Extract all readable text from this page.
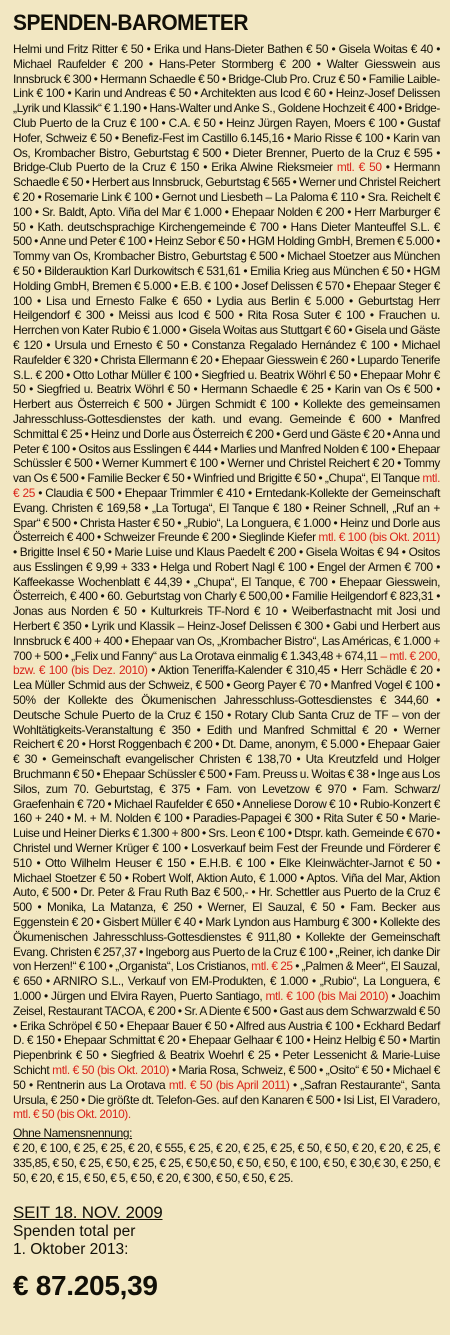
SPENDEN-BAROMETER

Helmi und Fritz Ritter € 50 • Erika und Hans-Dieter Bathen € 50 • Gisela Woitas € 40 • Michael Raufelder € 200 • Hans-Peter Stormberg € 200 • Walter Giesswein aus Innsbruck € 300 • Hermann Schaedle € 50 • Bridge-Club Pro. Cruz € 50 • Familie Laible-Link € 100 • Karin und Andreas € 50 • Architekten aus Icod € 60 • Heinz-Josef Delissen „Lyrik und Klassik“ € 1.190 • Hans-Walter und Anke S., Goldene Hochzeit € 400 • Bridge-Club Puerto de la Cruz € 100 • C.A. € 50 • Heinz Jürgen Rayen, Moers € 100 • Gustaf Hofer, Schweiz € 50 • Benefiz-Fest im Castillo 6.145,16 • Mario Risse € 100 • Karin van Os, Krombacher Bistro, Geburtstag € 500 • Dieter Brenner, Puerto de la Cruz € 595 • Bridge-Club Puerto de la Cruz € 150 • Erika Alwine Rieksmeier mtl. € 50 • Hermann Schaedle € 50 • Herbert aus Innsbruck, Geburtstag € 565 • Werner und Christel Reichert € 20 • Rosemarie Link € 100 • Gernot und Liesbeth – La Paloma € 110 • Sra. Reichelt € 100 • Sr. Baldt, Apto. Viña del Mar € 1.000 • Ehepaar Nolden € 200 • Herr Marburger € 50 • Kath. deutschsprachige Kirchengemeinde € 700 • Hans Dieter Manteuffel S.L. € 500 • Anne und Peter € 100 • Heinz Sebor € 50 • HGM Holding GmbH, Bremen € 5.000 • Tommy van Os, Krombacher Bistro, Geburtstag € 500 • Michael Stoetzer aus München € 50 • Bilderauktion Karl Durkowitsch € 531,61 • Emilia Krieg aus München € 50 • HGM Holding GmbH, Bremen € 5.000 • E.B. € 100 • Josef Delissen € 570 • Ehepaar Steger € 100 • Lisa und Ernesto Falke € 650 • Lydia aus Berlin € 5.000 • Geburtstag Herr Heilgendorf € 300 • Meissi aus Icod € 500 • Rita Rosa Suter € 100 • Frauchen u. Herrchen von Kater Rubio € 1.000 • Gisela Woitas aus Stuttgart € 60 • Gisela und Gäste € 120 • Ursula und Ernesto € 50 • Constanza Regalado Hernández € 100 • Michael Raufelder € 320 • Christa Ellermann € 20 • Ehepaar Giesswein € 260 • Lupardo Tenerife S.L. € 200 • Otto Lothar Müller € 100 • Siegfried u. Beatrix Wöhrl € 50 • Ehepaar Mohr € 50 • Siegfried u. Beatrix Wöhrl € 50 • Hermann Schaedle € 25 • Karin van Os € 500 • Herbert aus Österreich € 500 • Jürgen Schmidt € 100 • Kollekte des gemeinsamen Jahresschluss-Gottesdienstes der kath. und evang. Gemeinde € 600 • Manfred Schmittal € 25 • Heinz und Dorle aus Österreich € 200 • Gerd und Gäste € 20 • Anna und Peter € 100 • Ositos aus Esslingen € 444 • Marlies und Manfred Nolden € 100 • Ehepaar Schüssler € 500 • Werner Kummert € 100 • Werner und Christel Reichert € 20 • Tommy van Os € 500 • Familie Becker € 50 • Winfried und Brigitte € 50 • „Chupa“, El Tanque mtl. € 25 • Claudia € 500 • Ehepaar Trimmler € 410 • Erntedank-Kollekte der Gemeinschaft Evang. Christen € 169,58 • „La Tortuga“, El Tanque € 180 • Reiner Schnell, „Ruf an + Spar“ € 500 • Christa Haster € 50 • „Rubio“, La Longuera, € 1.000 • Heinz und Dorle aus Österreich € 400 • Schweizer Freunde € 200 • Sieglinde Kiefer mtl. € 100 (bis Okt. 2011) • Brigitte Insel € 50 • Marie Luise und Klaus Paedelt € 200 • Gisela Woitas € 94 • Ositos aus Esslingen € 9,99 + 333 • Helga und Robert Nagl € 100 • Engel der Armen € 700 • Kaffeekasse Wochenblatt € 44,39 • „Chupa“, El Tanque, € 700 • Ehepaar Giesswein, Österreich, € 400 • 60. Geburtstag von Charly € 500,00 • Familie Heilgendorf € 823,31 • Jonas aus Norden € 50 • Kulturkreis TF-Nord € 10 • Weiberfastnacht mit Josi und Herbert € 350 • Lyrik und Klassik – Heinz-Josef Delissen € 300 • Gabi und Herbert aus Innsbruck € 400 + 400 • Ehepaar van Os, „Krombacher Bistro“, Las Américas, € 1.000 + 700 + 500 • „Felix und Fanny“ aus La Orotava einmalig € 1.343,48 + 674,11 – mtl. € 200, bzw. € 100 (bis Dez. 2010) • Aktion Teneriffa-Kalender € 310,45 • Herr Schädle € 20 • Lea Müller Schmid aus der Schweiz, € 500 • Georg Payer € 70 • Manfred Vogel € 100 • 50% der Kollekte des Ökumenischen Jahresschluss-Gottesdienstes € 344,60 • Deutsche Schule Puerto de la Cruz € 150 • Rotary Club Santa Cruz de TF – von der Wohltätigkeits-Veranstaltung € 350 • Edith und Manfred Schmittal € 20 • Werner Reichert € 20 • Horst Roggenbach € 200 • Dt. Dame, anonym, € 5.000 • Ehepaar Gaier € 30 • Gemeinschaft evangelischer Christen € 138,70 • Uta Kreutzfeld und Holger Bruchmann € 50 • Ehepaar Schüssler € 500 • Fam. Preuss u. Woitas € 38 • Inge aus Los Silos, zum 70. Geburtstag, € 375 • Fam. von Levetzow € 970 • Fam. Schwarz/ Graefenhain € 720 • Michael Raufelder € 650 • Anneliese Dorow € 10 • Rubio-Konzert € 160 + 240 • M. + M. Nolden € 100 • Paradies-Papagei € 300 • Rita Suter € 50 • Marie-Luise und Heiner Dierks € 1.300 + 800 • Srs. Leon € 100 • Dtspr. kath. Gemeinde € 670 • Christel und Werner Krüger € 100 • Losverkauf beim Fest der Freunde und Förderer € 510 • Otto Wilhelm Heuser € 150 • E.H.B. € 100 • Elke Kleinwächter-Jarnot € 50 • Michael Stoetzer € 50 • Robert Wolf, Aktion Auto, € 1.000 • Aptos. Viña del Mar, Aktion Auto, € 500 • Dr. Peter & Frau Ruth Baz € 500,- • Hr. Schettler aus Puerto de la Cruz € 500 • Monika, La Matanza, € 250 • Werner, El Sauzal, € 50 • Fam. Becker aus Eggenstein € 20 • Gisbert Müller € 40 • Mark Lyndon aus Hamburg € 300 • Kollekte des Ökumenischen Jahresschluss-Gottesdienstes € 911,80 • Kollekte der Gemeinschaft Evang. Christen € 257,37 • Ingeborg aus Puerto de la Cruz € 100 • „Reiner, ich danke Dir von Herzen!“ € 100 • „Organista“, Los Cristianos, mtl. € 25 • „Palmen & Meer“, El Sauzal, € 650 • ARNIRO S.L., Verkauf von EM-Produkten, € 1.000 • „Rubio“, La Longuera, € 1.000 • Jürgen und Elvira Rayen, Puerto Santiago, mtl. € 100 (bis Mai 2010) • Joachim Zeisel, Restaurant TACOA, € 200 • Sr. A Diente € 500 • Gast aus dem Schwarzwald € 50 • Erika Schröpel € 50 • Ehepaar Bauer € 50 • Alfred aus Austria € 100 • Eckhard Bedarf D. € 150 • Ehepaar Schmittat € 20 • Ehepaar Gelhaar € 100 • Heinz Helbig € 50 • Martin Piepenbrink € 50 • Siegfried & Beatrix Woehrl € 25 • Peter Lessenicht & Marie-Luise Schicht mtl. € 50 (bis Okt. 2010) • Maria Rosa, Schweiz, € 500 • „Osito“ € 50 • Michael € 50 • Rentnerin aus La Orotava mtl. € 50 (bis April 2011) • „Safran Restaurante“, Santa Ursula, € 250 • Die größte dt. Telefon-Ges. auf den Kanaren € 500 • Isi List, El Varadero, mtl. € 50 (bis Okt. 2010).

Ohne Namensnennung:

€ 20, € 100, € 25, € 25, € 20, € 555, € 25, € 20, € 25, € 25, € 50, € 50, € 20, € 20, € 25, € 335,85, € 50, € 25, € 50, € 25, € 25, € 50,€ 50, € 50, € 50, € 100, € 50, € 30,€ 30, € 250, € 50, € 20, € 15, € 50, € 5, € 50, € 20, € 300, € 50, € 50, € 25.

SEIT 18. NOV. 2009
Spenden total per
1. Oktober 2013:
€ 87.205,39
